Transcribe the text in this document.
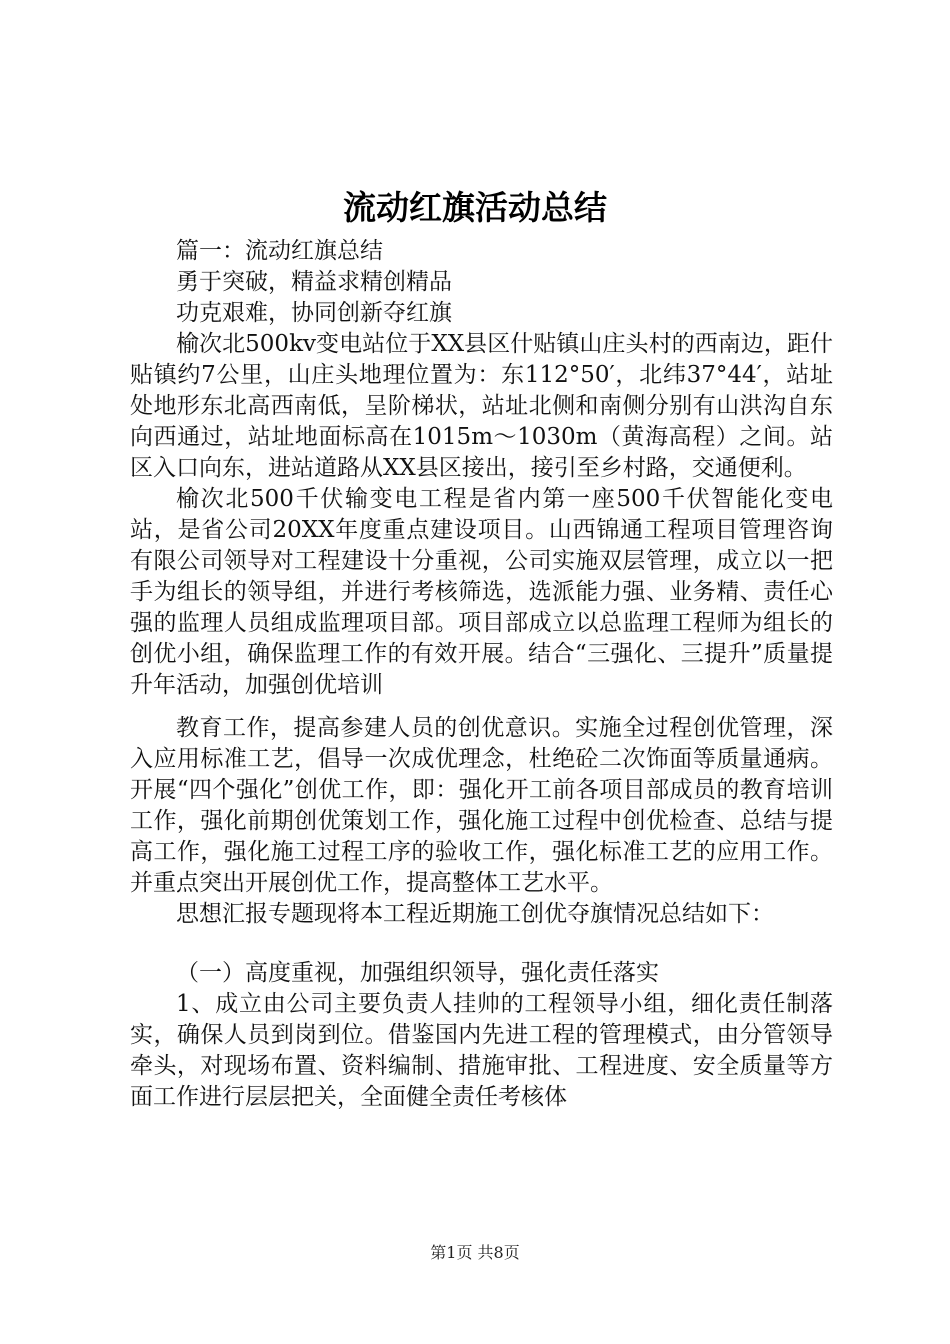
流动红旗活动总结

篇一：流动红旗总结

勇于突破，精益求精创精品

功克艰难，协同创新夺红旗

榆次北500kv变电站位于XX县区什贴镇山庄头村的西南边，距什贴镇约7公里，山庄头地理位置为：东112°50′，北纬37°44′，站址处地形东北高西南低，呈阶梯状，站址北侧和南侧分别有山洪沟自东向西通过，站址地面标高在1015m～1030m（黄海高程）之间。站区入口向东，进站道路从XX县区接出，接引至乡村路，交通便利。

榆次北500千伏输变电工程是省内第一座500千伏智能化变电站，是省公司20XX年度重点建设项目。山西锦通工程项目管理咨询有限公司领导对工程建设十分重视，公司实施双层管理，成立以一把手为组长的领导组，并进行考核筛选，选派能力强、业务精、责任心强的监理人员组成监理项目部。项目部成立以总监理工程师为组长的创优小组，确保监理工作的有效开展。结合“三强化、三提升”质量提升年活动，加强创优培训

教育工作，提高参建人员的创优意识。实施全过程创优管理，深入应用标准工艺，倡导一次成优理念，杜绝砼二次饰面等质量通病。开展“四个强化”创优工作，即：强化开工前各项目部成员的教育培训工作，强化前期创优策划工作，强化施工过程中创优检查、总结与提高工作，强化施工过程工序的验收工作，强化标准工艺的应用工作。并重点突出开展创优工作，提高整体工艺水平。

思想汇报专题现将本工程近期施工创优夺旗情况总结如下：

（一）高度重视，加强组织领导，强化责任落实

1、成立由公司主要负责人挂帅的工程领导小组，细化责任制落实，确保人员到岗到位。借鉴国内先进工程的管理模式，由分管领导牵头，对现场布置、资料编制、措施审批、工程进度、安全质量等方面工作进行层层把关，全面健全责任考核体

第1页 共8页
